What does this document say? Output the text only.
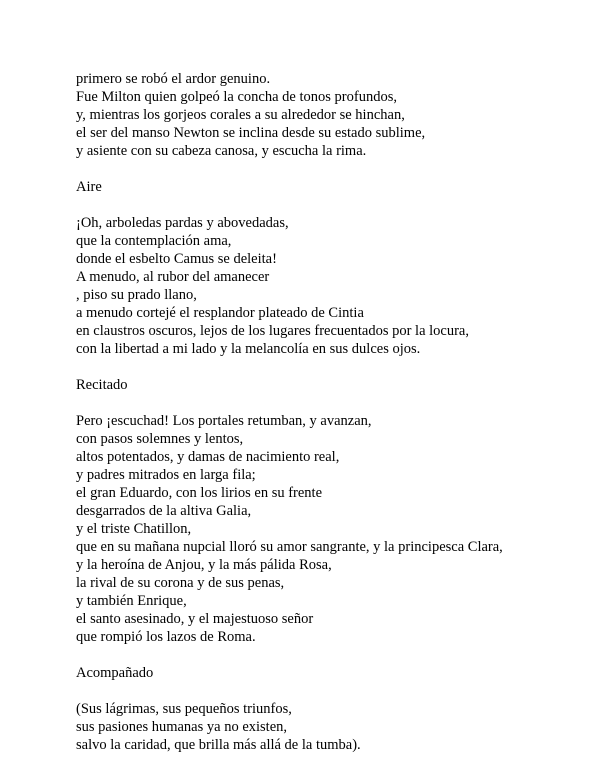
primero se robó el ardor genuino.
Fue Milton quien golpeó la concha de tonos profundos,
y, mientras los gorjeos corales a su alrededor se hinchan,
el ser del manso Newton se inclina desde su estado sublime,
y asiente con su cabeza canosa, y escucha la rima.
Aire
¡Oh, arboledas pardas y abovedadas,
que la contemplación ama,
donde el esbelto Camus se deleita!
A menudo, al rubor del amanecer
, piso su prado llano,
a menudo cortejé el resplandor plateado de Cintia
en claustros oscuros, lejos de los lugares frecuentados por la locura,
con la libertad a mi lado y la melancolía en sus dulces ojos.
Recitado
Pero ¡escuchad! Los portales retumban, y avanzan,
con pasos solemnes y lentos,
altos potentados, y damas de nacimiento real,
y padres mitrados en larga fila;
el gran Eduardo, con los lirios en su frente
desgarrados de la altiva Galia,
y el triste Chatillon,
que en su mañana nupcial lloró su amor sangrante, y la principesca Clara,
y la heroína de Anjou, y la más pálida Rosa,
la rival de su corona y de sus penas,
y también Enrique,
el santo asesinado, y el majestuoso señor
que rompió los lazos de Roma.
Acompañado
(Sus lágrimas, sus pequeños triunfos,
sus pasiones humanas ya no existen,
salvo la caridad, que brilla más allá de la tumba).
